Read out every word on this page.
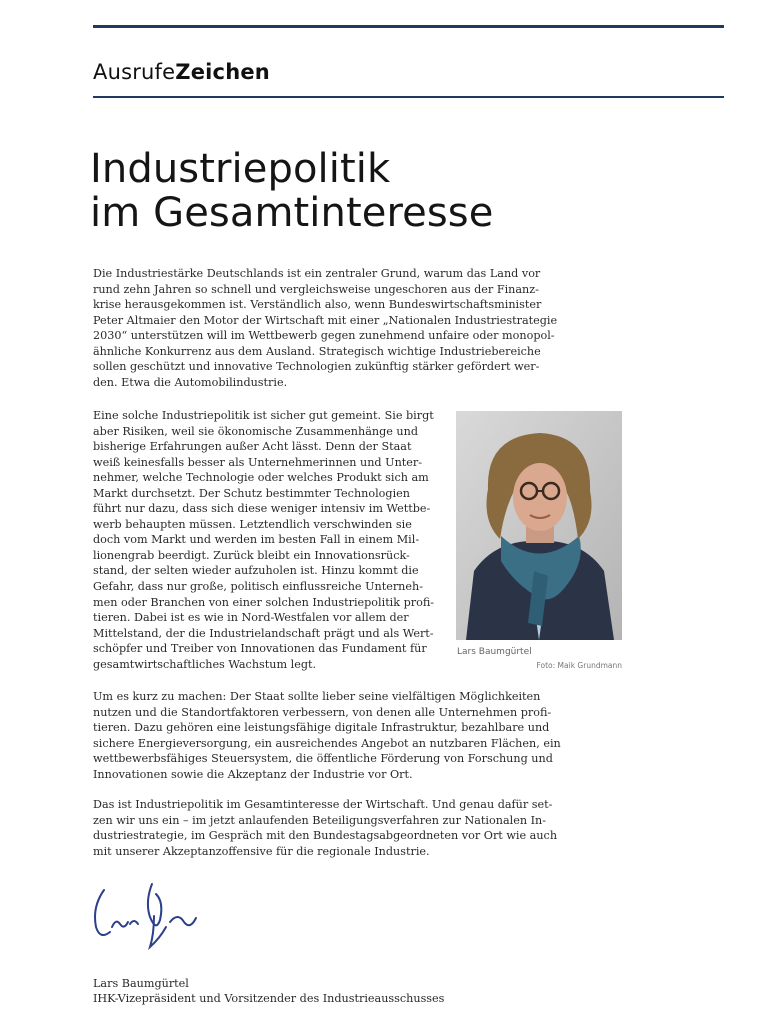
AusrufeZeichen
Industriepolitik
im Gesamtinteresse
Die Industriestärke Deutschlands ist ein zentraler Grund, warum das Land vor
rund zehn Jahren so schnell und vergleichsweise ungeschoren aus der Finanz-
krise herausgekommen ist. Verständlich also, wenn Bundeswirtschaftsminister
Peter Altmaier den Motor der Wirtschaft mit einer „Nationalen Industriestrategie
2030“ unterstützen will im Wettbewerb gegen zunehmend unfaire oder monopol-
ähnliche Konkurrenz aus dem Ausland. Strategisch wichtige Industriebereiche
sollen geschützt und innovative Technologien zukünftig stärker gefördert wer-
den. Etwa die Automobilindustrie.
Eine solche Industriepolitik ist sicher gut gemeint. Sie birgt
aber Risiken, weil sie ökonomische Zusammenhänge und
bisherige Erfahrungen außer Acht lässt. Denn der Staat
weiß keinesfalls besser als Unternehmerinnen und Unter-
nehmer, welche Technologie oder welches Produkt sich am
Markt durchsetzt. Der Schutz bestimmter Technologien
führt nur dazu, dass sich diese weniger intensiv im Wettbe-
werb behaupten müssen. Letztendlich verschwinden sie
doch vom Markt und werden im besten Fall in einem Mil-
lionengrab beerdigt. Zurück bleibt ein Innovationsrück-
stand, der selten wieder aufzuholen ist. Hinzu kommt die
Gefahr, dass nur große, politisch einflussreiche Unterneh-
men oder Branchen von einer solchen Industriepolitik profi-
tieren. Dabei ist es wie in Nord-Westfalen vor allem der
Mittelstand, der die Industrielandschaft prägt und als Wert-
schöpfer und Treiber von Innovationen das Fundament für
gesamtwirtschaftliches Wachstum legt.
Lars Baumgürtel
Foto: Maik Grundmann
Um es kurz zu machen: Der Staat sollte lieber seine vielfältigen Möglichkeiten
nutzen und die Standortfaktoren verbessern, von denen alle Unternehmen profi-
tieren. Dazu gehören eine leistungsfähige digitale Infrastruktur, bezahlbare und
sichere Energieversorgung, ein ausreichendes Angebot an nutzbaren Flächen, ein
wettbewerbsfähiges Steuersystem, die öffentliche Förderung von Forschung und
Innovationen sowie die Akzeptanz der Industrie vor Ort.
Das ist Industriepolitik im Gesamtinteresse der Wirtschaft. Und genau dafür set-
zen wir uns ein – im jetzt anlaufenden Beteiligungsverfahren zur Nationalen In-
dustriestrategie, im Gespräch mit den Bundestagsabgeordneten vor Ort wie auch
mit unserer Akzeptanzoffensive für die regionale Industrie.
Lars Baumgürtel
IHK-Vizepräsident und Vorsitzender des Industrieausschusses
